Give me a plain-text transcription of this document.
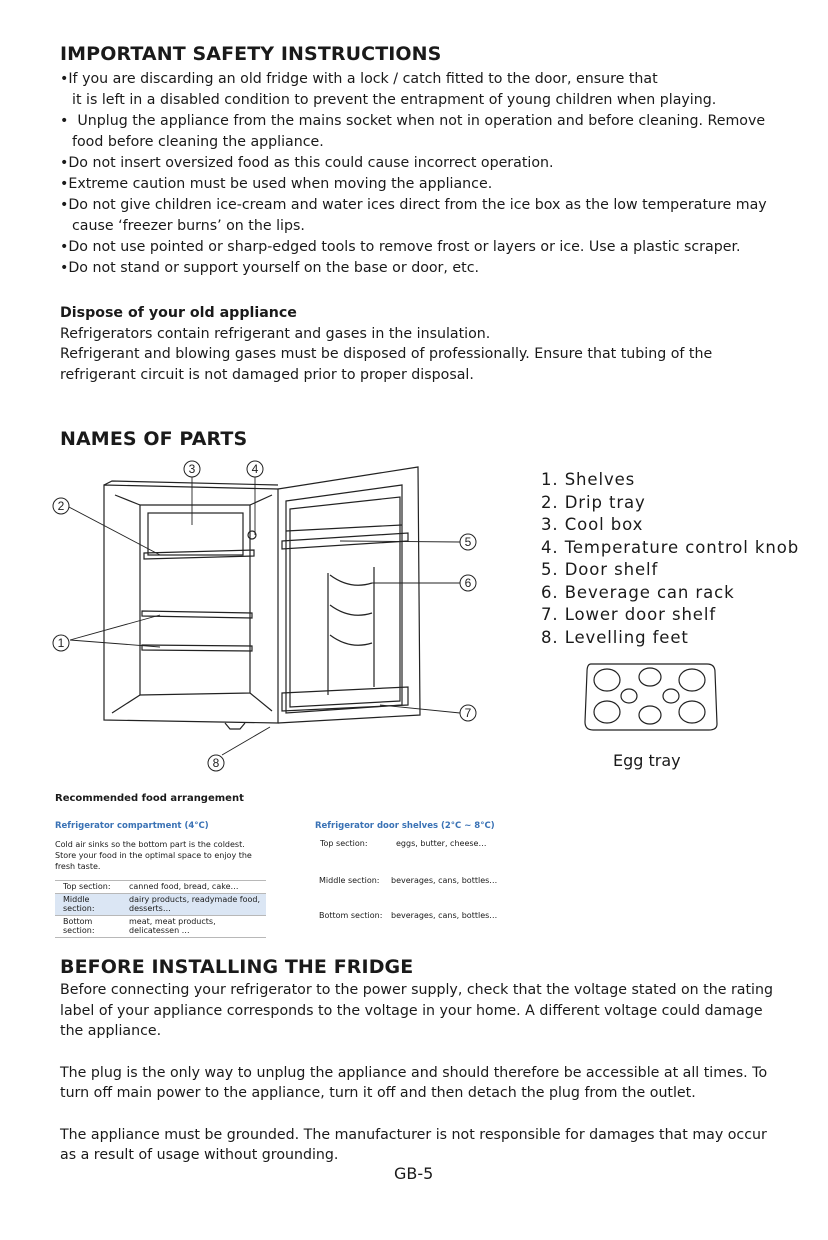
IMPORTANT SAFETY INSTRUCTIONS
•If you are discarding an old fridge with a lock / catch fitted to the door, ensure that
it is left in a disabled condition to prevent the entrapment of young children when playing.
•  Unplug the appliance from the mains socket when not in operation and before cleaning. Remove
food before cleaning the appliance.
•Do not insert oversized food as this could cause incorrect operation.
•Extreme caution must be used when moving the appliance.
•Do not give children ice-cream and water ices direct from the ice box as the low temperature may
cause ‘freezer burns’ on the lips.
•Do not use pointed or sharp-edged tools to remove frost or layers or ice. Use a plastic scraper.
•Do not stand or support yourself on the base or door, etc.
Dispose of your old appliance
Refrigerators contain refrigerant and gases in the insulation.
Refrigerant and blowing gases must be disposed of professionally. Ensure that tubing of the
refrigerant circuit is not damaged prior to proper disposal.
NAMES OF PARTS
1
2
3	4
5
6
7
8
1. Shelves
2. Drip tray
3. Cool box
4. Temperature control knob
5. Door shelf
6. Beverage can rack
7. Lower door shelf
8. Levelling feet
Egg tray
Recommended food arrangement
Refrigerator compartment (4°C)
Cold air sinks so the bottom part is the coldest.
Store your food in the optimal space to enjoy the
fresh taste.
Top section:	canned food, bread, cake…
Middle section:	dairy products, readymade food, desserts…
Bottom section:	meat, meat products, delicatessen …
Refrigerator door shelves (2°C ~ 8°C)
Top section:	eggs, butter, cheese…
Middle section: beverages, cans, bottles…
Bottom section: beverages, cans, bottles…
BEFORE INSTALLING THE FRIDGE

Before connecting your refrigerator to the power supply, check that the voltage stated on the rating label of your appliance corresponds to the voltage in your home. A different voltage could damage the appliance.

The plug is the only way to unplug the appliance and should therefore be accessible at all times. To turn off main power to the appliance, turn it off and then detach the plug from the outlet.

The appliance must be grounded. The manufacturer is not responsible for damages that may occur as a result of usage without grounding.

GB-5
